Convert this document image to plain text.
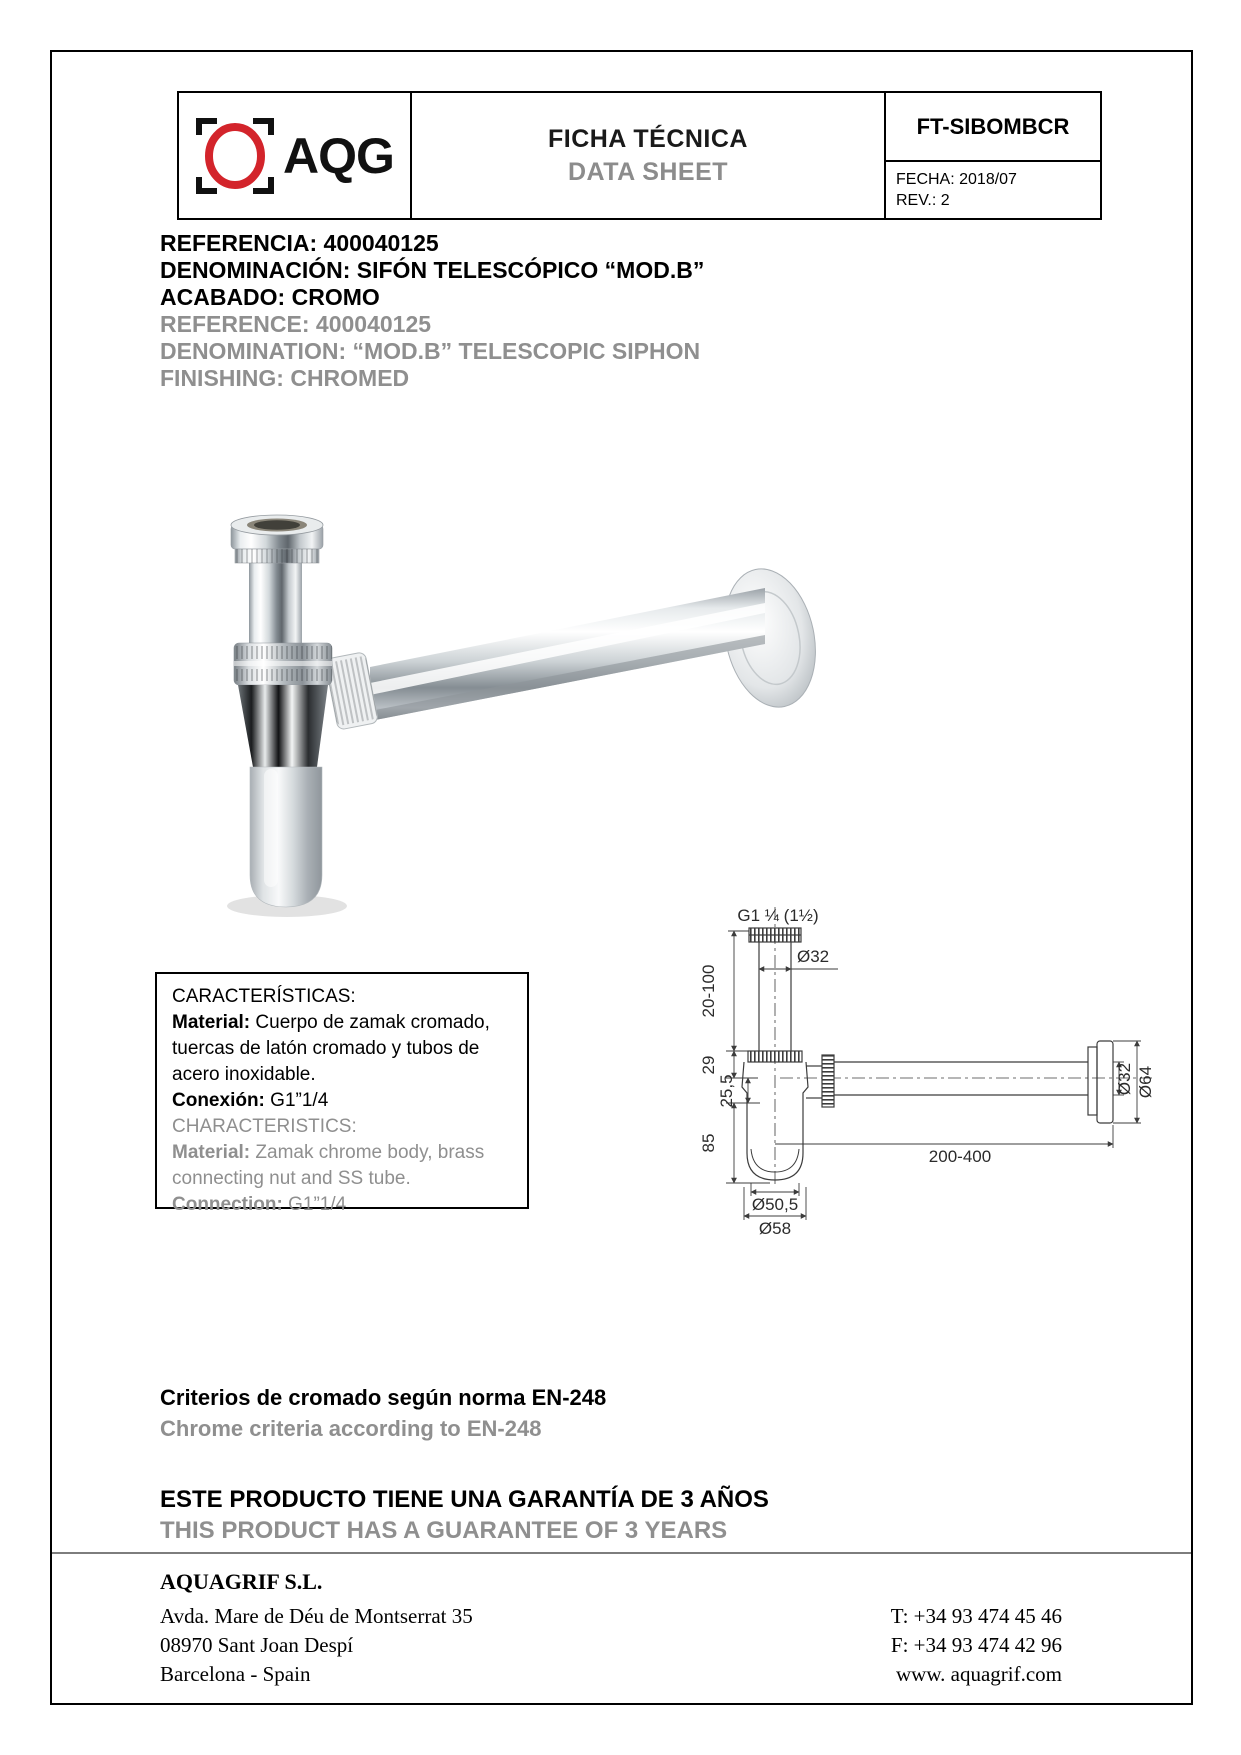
AQG	FICHA TÉCNICA
DATA SHEET
FT-SIBOMBCR
FECHA: 2018/07
REV.: 2
REFERENCIA: 400040125
DENOMINACIÓN: SIFÓN TELESCÓPICO “MOD.B”
ACABADO: CROMO
REFERENCE: 400040125
DENOMINATION: “MOD.B” TELESCOPIC SIPHON
FINISHING: CHROMED

CARACTERÍSTICAS:

Material: Cuerpo de zamak cromado, tuercas de latón cromado y tubos de acero inoxidable.

Conexión: G1”1/4

CHARACTERISTICS:

Material: Zamak chrome body, brass connecting nut and SS tube.

Connection: G1”1/4

G1 ¼ (1½)
Ø32
20-100
29
25,5
85
200-400
Ø50,5
Ø58
Ø32 Ø64
Criterios de cromado según norma EN-248
Chrome criteria according to EN-248
ESTE PRODUCTO TIENE UNA GARANTÍA DE 3 AÑOS
THIS PRODUCT HAS A GUARANTEE OF 3 YEARS
AQUAGRIF S.L.
Avda. Mare de Déu de Montserrat 35
08970 Sant Joan Despí
Barcelona - Spain
T: +34 93 474 45 46
F: +34 93 474 42 96
www. aquagrif.com
